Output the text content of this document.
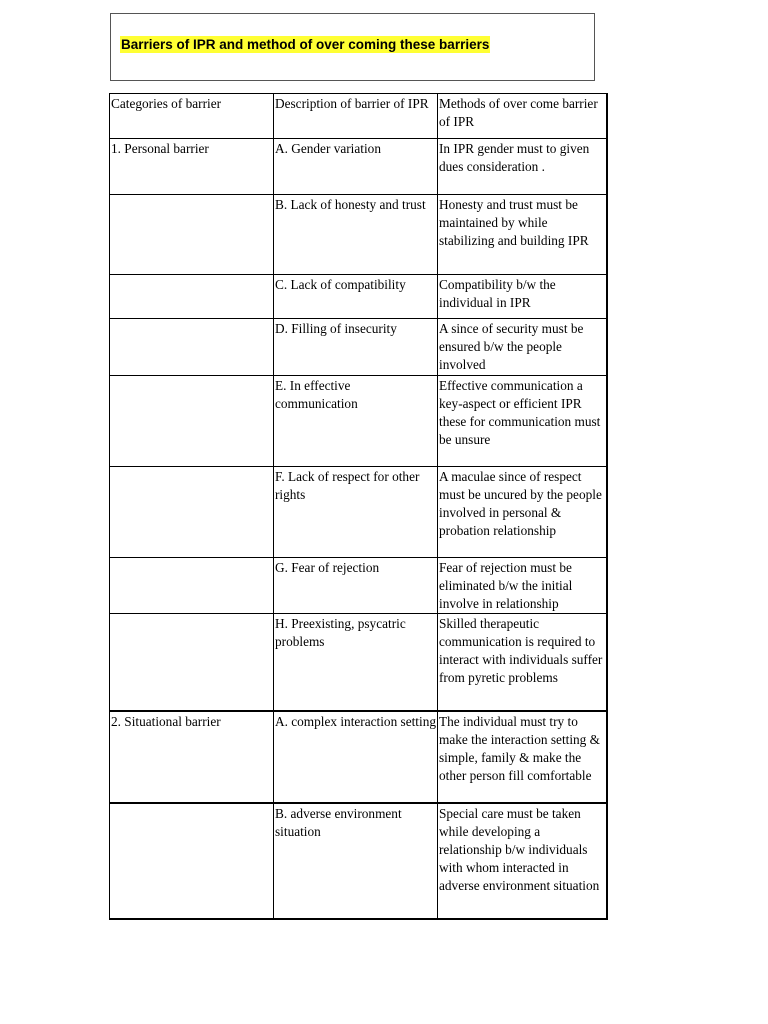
Barriers of IPR and method of over coming these barriers
Categories of barrier	Description of barrier of IPR	Methods of over come barrier of IPR
1. Personal barrier	A. Gender variation	In IPR gender must to given dues consideration .
	B. Lack of honesty and trust	Honesty and trust must be maintained by while stabilizing and building IPR
	C. Lack of compatibility	Compatibility b/w the individual in IPR
	D. Filling of insecurity	A since of security must be ensured b/w the people involved
	E. In effective communication	Effective communication a key-aspect or efficient IPR these for communication must be unsure
	F. Lack of respect for other rights	A maculae since of respect must be uncured by the people involved in personal & probation relationship
	G. Fear of rejection	Fear of rejection must be eliminated b/w the initial involve in relationship
	H. Preexisting, psycatric problems	Skilled therapeutic communication is required to interact with individuals suffer from pyretic problems
2. Situational barrier	A. complex interaction setting	The individual must try to make the interaction setting & simple, family & make the other person fill comfortable
	B. adverse environment situation	Special care must be taken while developing a relationship b/w individuals with whom interacted in adverse environment situation
